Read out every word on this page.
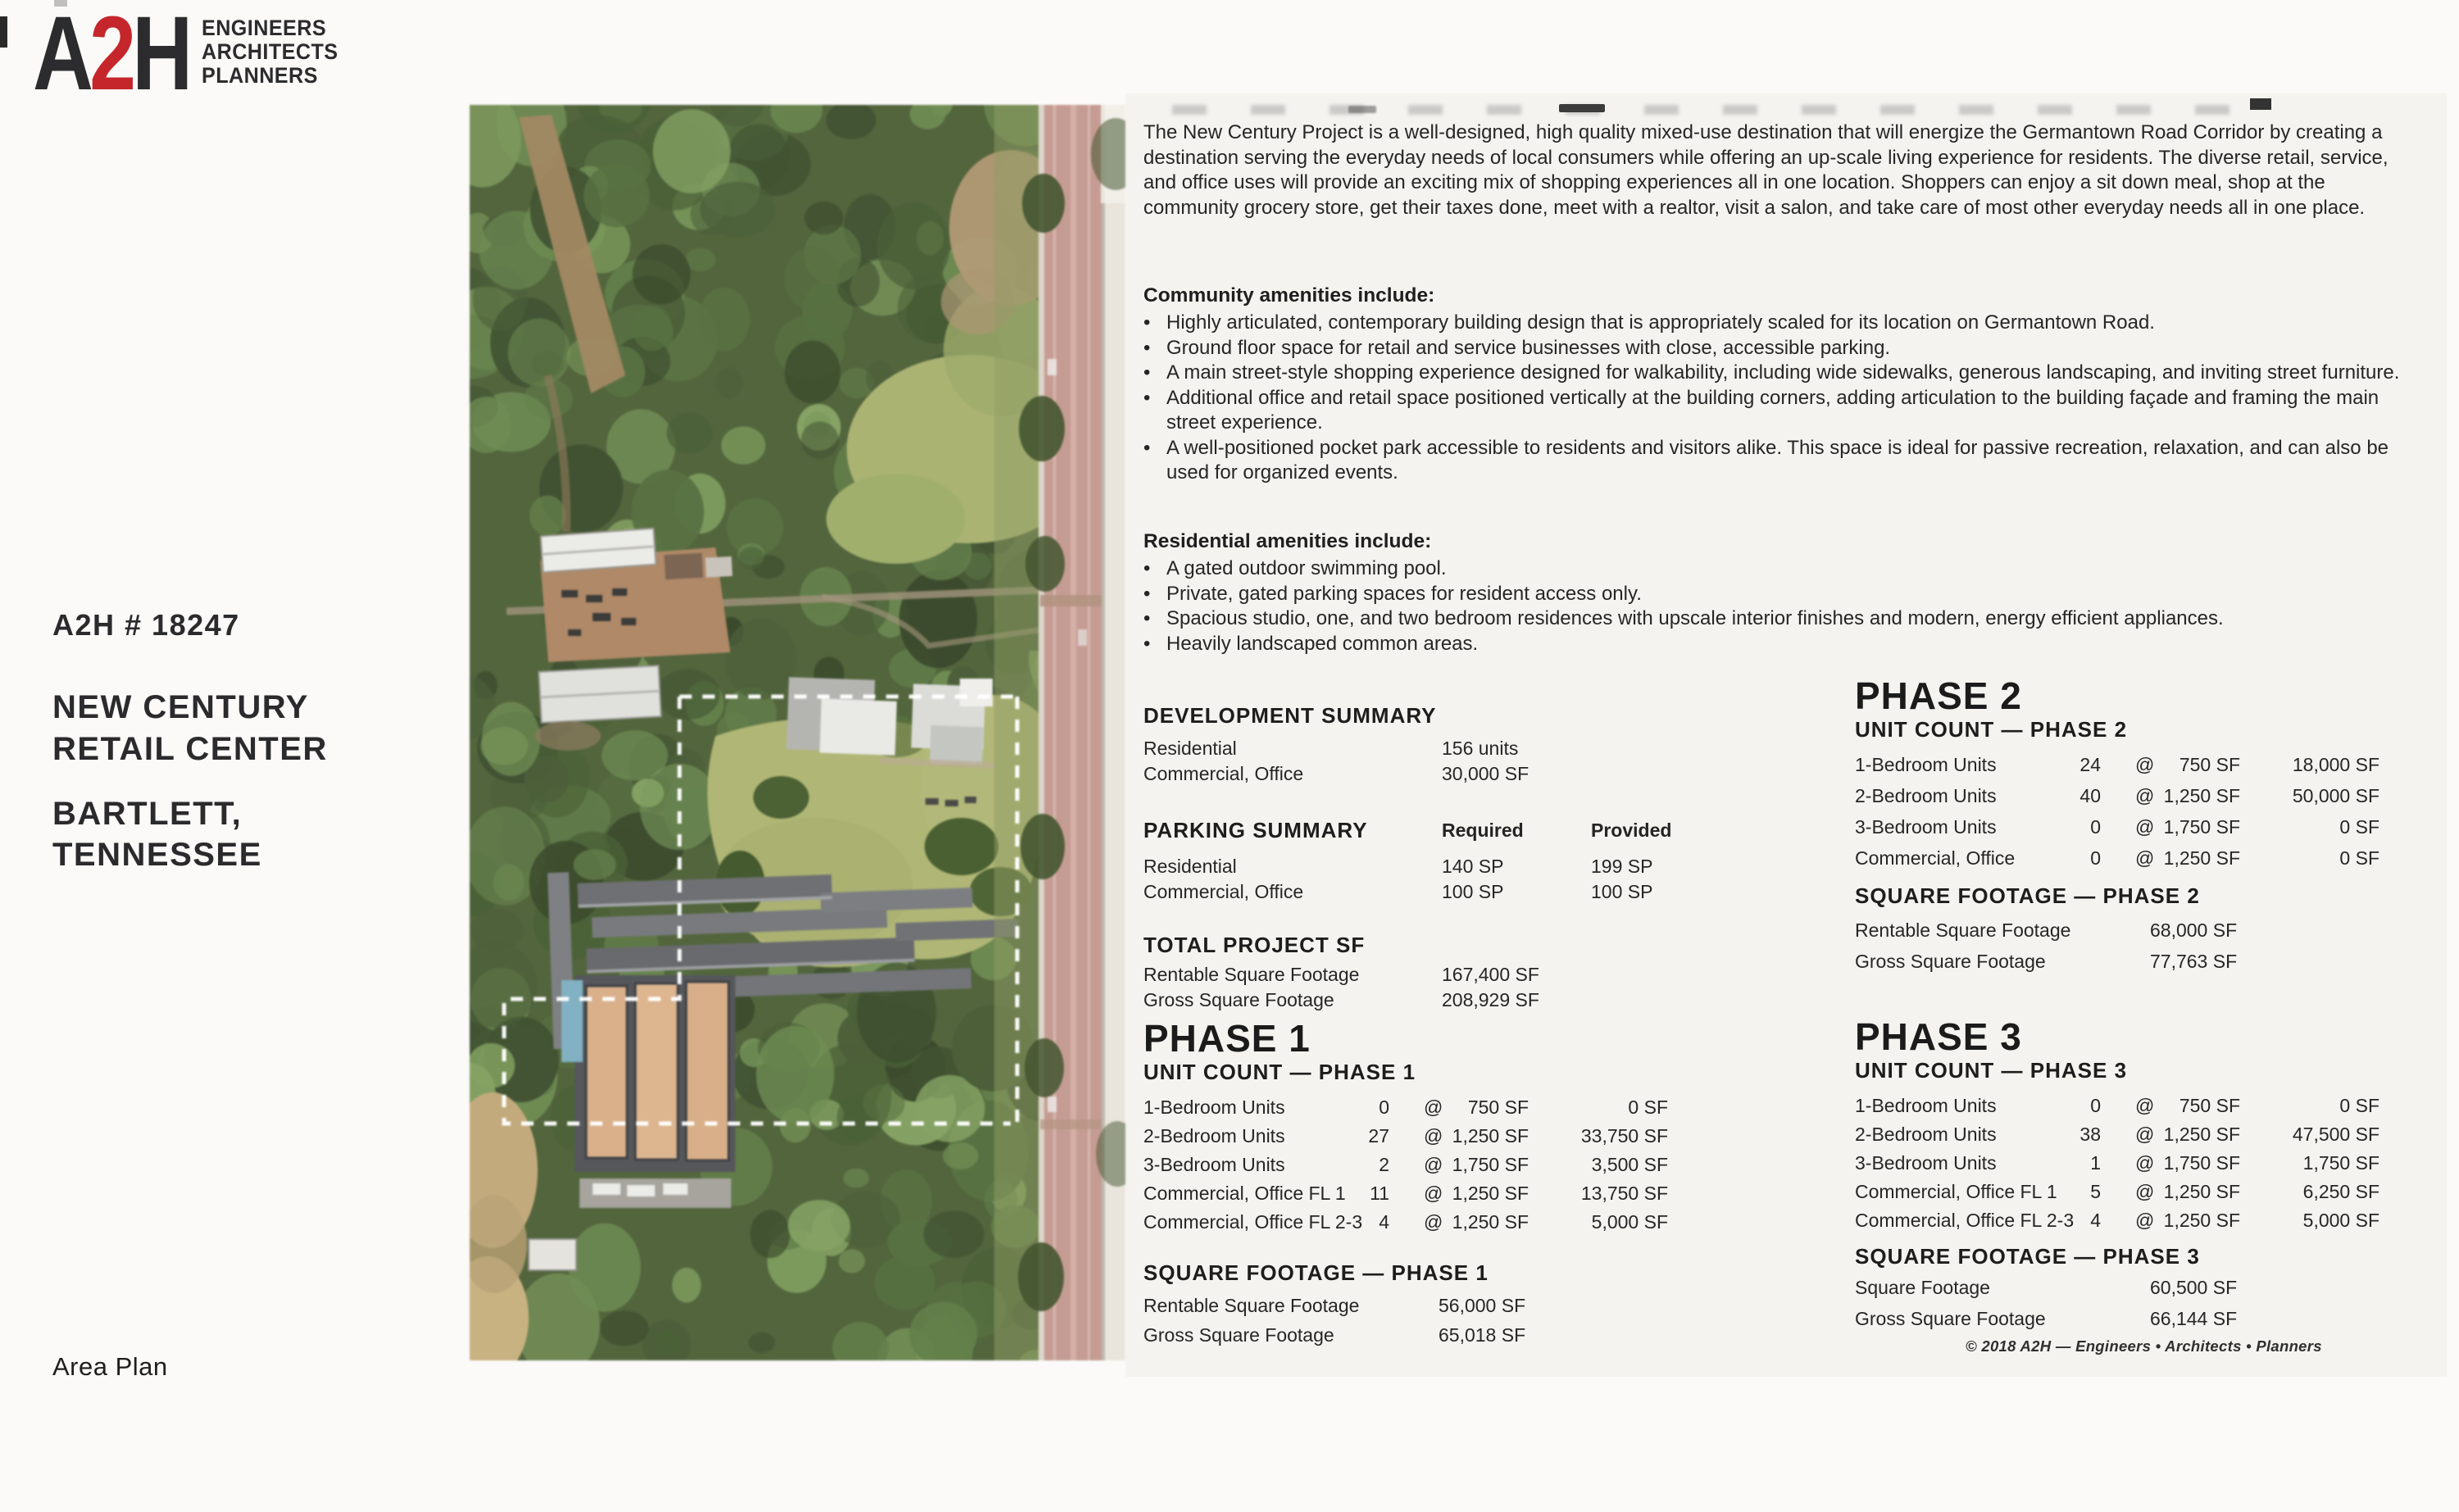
A2H ENGINEERS
ARCHITECTS
PLANNERS
A2H # 18247
NEW CENTURY
RETAIL CENTER
BARTLETT,
TENNESSEE
Area Plan

The New Century Project is a well-designed, high quality mixed-use destination that will energize the Germantown Road Corridor by creating a destination serving the everyday needs of local consumers while offering an up-scale living experience for residents. The diverse retail, service, and office uses will provide an exciting mix of shopping experiences all in one location. Shoppers can enjoy a sit down meal, shop at the community grocery store, get their taxes done, meet with a realtor, visit a salon, and take care of most other everyday needs all in one place.

Community amenities include:
• Highly articulated, contemporary building design that is appropriately scaled for its location on Germantown Road.
• Ground floor space for retail and service businesses with close, accessible parking.
• A main street-style shopping experience designed for walkability, including wide sidewalks, generous landscaping, and inviting street furniture.
• Additional office and retail space positioned vertically at the building corners, adding articulation to the building façade and framing the main street experience.
• A well-positioned pocket park accessible to residents and visitors alike. This space is ideal for passive recreation, relaxation, and can also be used for organized events.
Residential amenities include:
• A gated outdoor swimming pool.
• Private, gated parking spaces for resident access only.
• Spacious studio, one, and two bedroom residences with upscale interior finishes and modern, energy efficient appliances.
• Heavily landscaped common areas.
DEVELOPMENT SUMMARY
Residential	156 units
Commercial, Office	30,000 SF
PARKING SUMMARY	Required	Provided
Residential	140 SP	199 SP
Commercial, Office	100 SP	100 SP
TOTAL PROJECT SF
Rentable Square Footage	167,400 SF
Gross Square Footage	208,929 SF
PHASE 1
UNIT COUNT — PHASE 1
1-Bedroom Units	0 @	750 SF	0 SF
2-Bedroom Units	27 @ 1,250 SF	33,750 SF
3-Bedroom Units	2 @ 1,750 SF	3,500 SF
Commercial, Office FL 1	11 @ 1,250 SF	13,750 SF
Commercial, Office FL 2-3 4 @ 1,250 SF	5,000 SF
SQUARE FOOTAGE — PHASE 1
Rentable Square Footage	56,000 SF
Gross Square Footage	65,018 SF
PHASE 2
UNIT COUNT — PHASE 2
1-Bedroom Units	24 @	750 SF	18,000 SF
2-Bedroom Units	40 @ 1,250 SF	50,000 SF
3-Bedroom Units	0 @ 1,750 SF	0 SF
Commercial, Office	0 @ 1,250 SF	0 SF
SQUARE FOOTAGE — PHASE 2
Rentable Square Footage	68,000 SF
Gross Square Footage	77,763 SF
PHASE 3
UNIT COUNT — PHASE 3
1-Bedroom Units	0 @	750 SF	0 SF
2-Bedroom Units	38 @ 1,250 SF	47,500 SF
3-Bedroom Units	1 @ 1,750 SF	1,750 SF
Commercial, Office FL 1	5 @ 1,250 SF	6,250 SF
Commercial, Office FL 2-3 4 @ 1,250 SF	5,000 SF
SQUARE FOOTAGE — PHASE 3
Square Footage	60,500 SF
Gross Square Footage	66,144 SF
© 2018 A2H — Engineers • Architects • Planners
